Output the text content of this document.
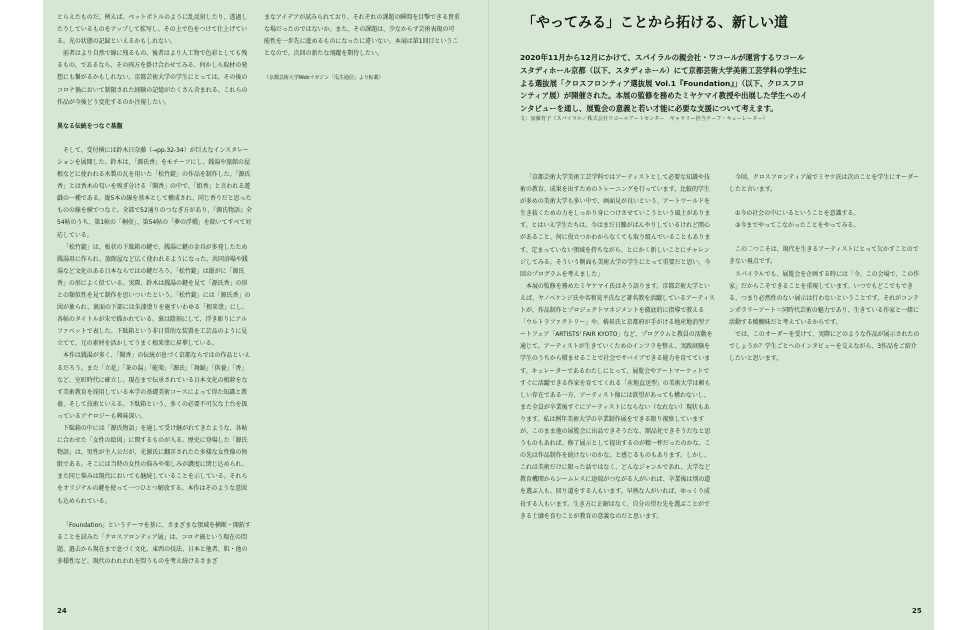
とらえたものだ。例えば、ペットボトルのように乱反射したり、透過したりしているものをアップして拡写し、その上で色をつけて仕上げている。光の状態の記録といえるかもしれない。

前者はより自然で線に残るもの、後者はより人工物で色彩としても残るもの。であるなら、その両方を掛け合わせてみる、何かしら取材の発想にも繋がるかもしれない。京都芸術大学の学生にとっては、その後のコロナ禍において制限された経験の記憶がたくさん含まれる。これらの作品が今後どう変化するのか注視したい。

異なる伝統をつなぐ基盤

そして、受付横には鈴木日奈藤（→pp.32-34）が巨大なインスタレーションを展開した。鈴木は、「源氏香」をモチーフにし、銭湯や旅館の屋根などに使われる木製の瓦を用いた「松竹錠」の作品を制作した。「源氏香」とは香木の匂いを嗅ぎ分ける「聞香」の中で、「組香」と言われる遊戯の一種である。縦5本の線を基本として構成され、同じ香りだと思ったものの線を横でつなぐ。全部で52通りのつなぎ方があり、『源氏物語』全54帖のうち、第1帖の「桐壺」、第54帖の「夢の浮橋」を除いてすべて対応している。

「松竹錠」は、板状の下駄箱の鍵で、銭湯に鍵の金具が多発したため銭湯用に作られ、旅館屋など広く使われるようになった。共同浴場や銭湯など文化のある日本ならではの鍵だろう。「松竹錠」は縦がに「源氏香」の形によく似ている。実際、鈴木は銭湯の鍵を見て「源氏香」の形との類似性を見て制作を思いついたという。「松竹錠」には「源氏香」の図が象られ、裏面の下部には朱漆塗りを施すいわゆる「根来塗」にし、各帖のタイトルが朱で描かれている。裏は陰刻にして、浮き彫りにアルファベットで表した。下駄箱という非日常的な装置を工芸品のように見立てて、元の素材を活かしてうまく根来塗に昇華している。

本作は銭湯が多く、「聞香」の伝統が息づく京都ならではの作品といえるだろう。また「立花」「茶の湯」「能楽」「源氏」「舞踊」「供養」「香」など、室町時代に確立し、現在まで伝承されている日本文化の根幹をなす美術教育を採用している本学の基礎美術コースによって得た知識と教養、そして技術といえる。下駄箱という、多くの必要不可欠な土台を扱っているアナロジーも興味深い。

下駄箱の中には「源氏物語」を通して受け継がれてきたような、各帖に合わせた「女性の絵図」に関するものが入る。歴史に登場した「源氏物語」は、男性が主人公だが、光源氏に翻弄されたた多様な女性像の無限である。そこには当時の女性の悩みや楽しみが濃度に閉じ込められ、また同じ悩みは現代においても継続していることを示している。それらをオリジナルの鍵を使って一つひとつ解放する。本作はそのような意図も込められている。

「Foundation」というテーマを基に、さまざまな領域を横断・開拓することを試みた「クロスフロンティア展」は、コロナ禍という現在の問題、過去から現在まで息づく文化、東西の技法、日本と他者、肌・他の多様性など、現代のわれわれを問うものを考え続けるさまざ

まなアイデアが試みられており、それぞれの課題の瞬間を目撃できる貴重な場だったのではないか。また、その課題は、少なからず芸術表現の可能性を一歩先に進めるものになったに違いない。本展は第1回目ということなので、次回の新たな飛躍を期待したい。

（京都芸術大学Webマガジン「瓜生通信」より転載）

24
「やってみる」ことから拓ける、新しい道
2020年11月から12月にかけて、スパイラルの親会社・ワコールが運営するワコールスタディホール京都（以下、スタディホール）にて京都芸術大学美術工芸学科の学生による選抜展「クロスフロンティア選抜展 Vol.1『Foundation』」（以下、クロスフロンティア展）が開催された。本展の監修を務めたミヤケマイ教授や出展した学生へのインタビューを通し、展覧会の意義と若い才能に必要な支援について考えます。
文：加藤育子（スパイラル／株式会社ワコールアートセンター　ギャラリー担当チーフ・キューレーター）

「京都芸術大学美術工芸学科ではアーティストとして必要な知識や技術の教育、成果を出すためのトレーニングを行っています。比較的学生が多めの美術大学も多い中で、画面見が良いという、アートワールドを生き抜くための力をしっかり身につけさせていこうという風土があります。とはいえ学生たちは、今はまだ日難がばんやりしているけれど関心があること、何に役立つかわからなくても取り組んでいることもあります。定まっていない領域を持ちながら、とにかく新しいことにチャレンジしてみる。そういう側面も美術大学の学生にとって重要だと思い、今回のプログラムを考えました」

本展の監修を務めたミヤケマイ氏はそう語ります。京都芸術大学といえば、ヤノベケンジ氏や名和晃平氏など著名教を活躍しているアーティストが、作品制作とプロジェクトマネジメントを徹底的に指導で教える「ウルトラファクトリー」や、椿昇氏と京都府が手がける地産地消型アートフェア「ARTISTS' FAIR KYOTO」など、プログラムと教員の活動を通じて、アーティストが生きていくためのインフラを整え、実践経験を学生のうちから積ませることで社会でサバイブできる能力を育てています。キュレーターであるわたしにとって、展覧会やアートマーケットですぐに活躍できる作家を育ててくれる「産地直送型」の美術大学は頼もしい存在である一方、アーティスト像には欲望があっても構わないし、また全員が卒業後すぐにアーティストにならない（なれない）現状もあります。私は例年美術大学の卒業制作展をできる限り視察していますが、このまま他の展覧会に出品できそうだな、額品化できそうだなと思うものもあれば、修了展示として提出するのが精一杯だったのかな、この先は作品制作を続けないのかな、と感じるものもあります。しかし、これは美術だけに限った話ではなく、どんなジャンルであれ、大学など教育機関からシームレスに途端がつながる人がいれば、卒業後は別の道を選ぶ人も、回り道をする人もいます。早熟な人がいれば、ゆっくり成長する人もいます。生き方に正解はなく、自分の望む先を選ぶことができる土壌を育むことが教育の意義なのだと思います。

今回、クロスフロンティア展でミヤケ氏は次のことを学生にオーダーしたと言います。

①今の社会の中にいるということを意識する。

②今までやってこなかったことをやってみる。

この二つこそは、現代を生きるアーティストにとって欠かすことのできない視点です。

スパイラルでも、展覧会を企画する時には「今、この会場で、この作家」だからこそできることを重視しています。いつでもどこでもできる、つまり必然性のない展示は行わないということです。それがコンテンポラリーアート＝同時代芸術の魅力であり、生きている作家と一緒に活動する醍醐味だと考えているからです。

では、このオーダーを受けて、実際にどのような作品が展示されたのでしょうか？学生ごとへのインタビューを交えながら、3作品をご紹介したいと思います。

25
